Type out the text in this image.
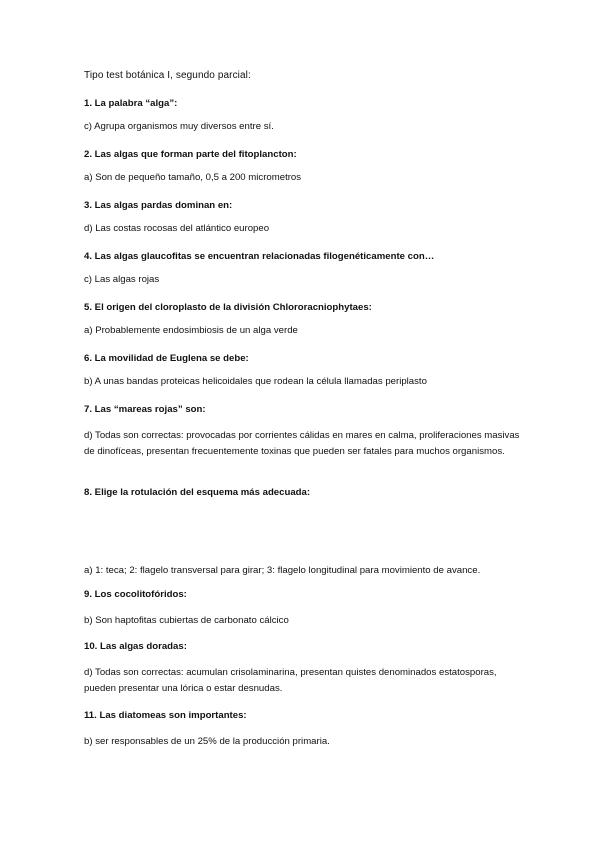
Tipo test botánica I, segundo parcial:
1. La palabra “alga”:
c) Agrupa organismos muy diversos entre sí.
2. Las algas que forman parte del fitoplancton:
a) Son de pequeño tamaño, 0,5 a 200 micrometros
3. Las algas pardas dominan en:
d) Las costas rocosas del atlántico europeo
4. Las algas glaucofitas se encuentran relacionadas filogenéticamente con…
c) Las algas rojas
5. El origen del cloroplasto de la división Chlororacniophytaes:
a) Probablemente endosimbiosis de un alga verde
6. La movilidad de Euglena se debe:
b) A unas bandas proteicas helicoidales que rodean la célula llamadas periplasto
7. Las “mareas rojas” son:
d) Todas son correctas: provocadas por corrientes cálidas en mares en calma, proliferaciones masivas de dinofíceas, presentan frecuentemente toxinas que pueden ser fatales para muchos organismos.
8. Elige la rotulación del esquema más adecuada:
a) 1: teca; 2: flagelo transversal para girar; 3: flagelo longitudinal para movimiento de avance.
9. Los cocolitofóridos:
b) Son haptofitas cubiertas de carbonato cálcico
10. Las algas doradas:
d) Todas son correctas: acumulan crisolaminarina, presentan quistes denominados estatosporas, pueden presentar una lórica o estar desnudas.
11. Las diatomeas son importantes:
b) ser responsables de un 25% de la producción primaria.
